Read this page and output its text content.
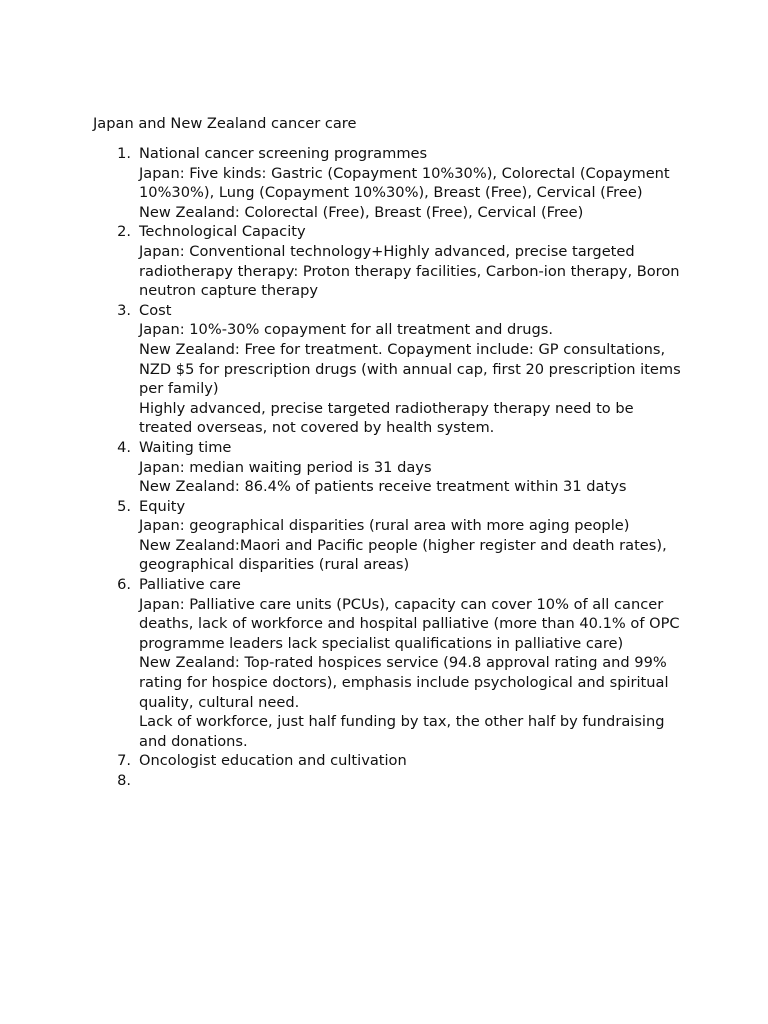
Japan and New Zealand cancer care
1. National cancer screening programmes
Japan: Five kinds: Gastric (Copayment 10%30%), Colorectal (Copayment 10%30%), Lung (Copayment 10%30%), Breast (Free), Cervical (Free)
New Zealand: Colorectal (Free), Breast (Free), Cervical (Free)
2. Technological Capacity
Japan: Conventional technology+Highly advanced, precise targeted radiotherapy therapy: Proton therapy facilities, Carbon-ion therapy, Boron neutron capture therapy
3. Cost
Japan: 10%-30% copayment for all treatment and drugs.
New Zealand: Free for treatment. Copayment include: GP consultations, NZD $5 for prescription drugs (with annual cap, first 20 prescription items per family)
Highly advanced, precise targeted radiotherapy therapy need to be treated overseas, not covered by health system.
4. Waiting time
Japan: median waiting period is 31 days
New Zealand: 86.4% of patients receive treatment within 31 datys
5. Equity
Japan: geographical disparities (rural area with more aging people)
New Zealand:Maori and Pacific people (higher register and death rates), geographical disparities (rural areas)
6. Palliative care
Japan: Palliative care units (PCUs), capacity can cover 10% of all cancer deaths, lack of workforce and hospital palliative (more than 40.1% of OPC programme leaders lack specialist qualifications in palliative care)
New Zealand: Top-rated hospices service (94.8 approval rating and 99% rating for hospice doctors), emphasis include psychological and spiritual quality, cultural need.
Lack of workforce, just half funding by tax, the other half by fundraising and donations.
7. Oncologist education and cultivation
8.
